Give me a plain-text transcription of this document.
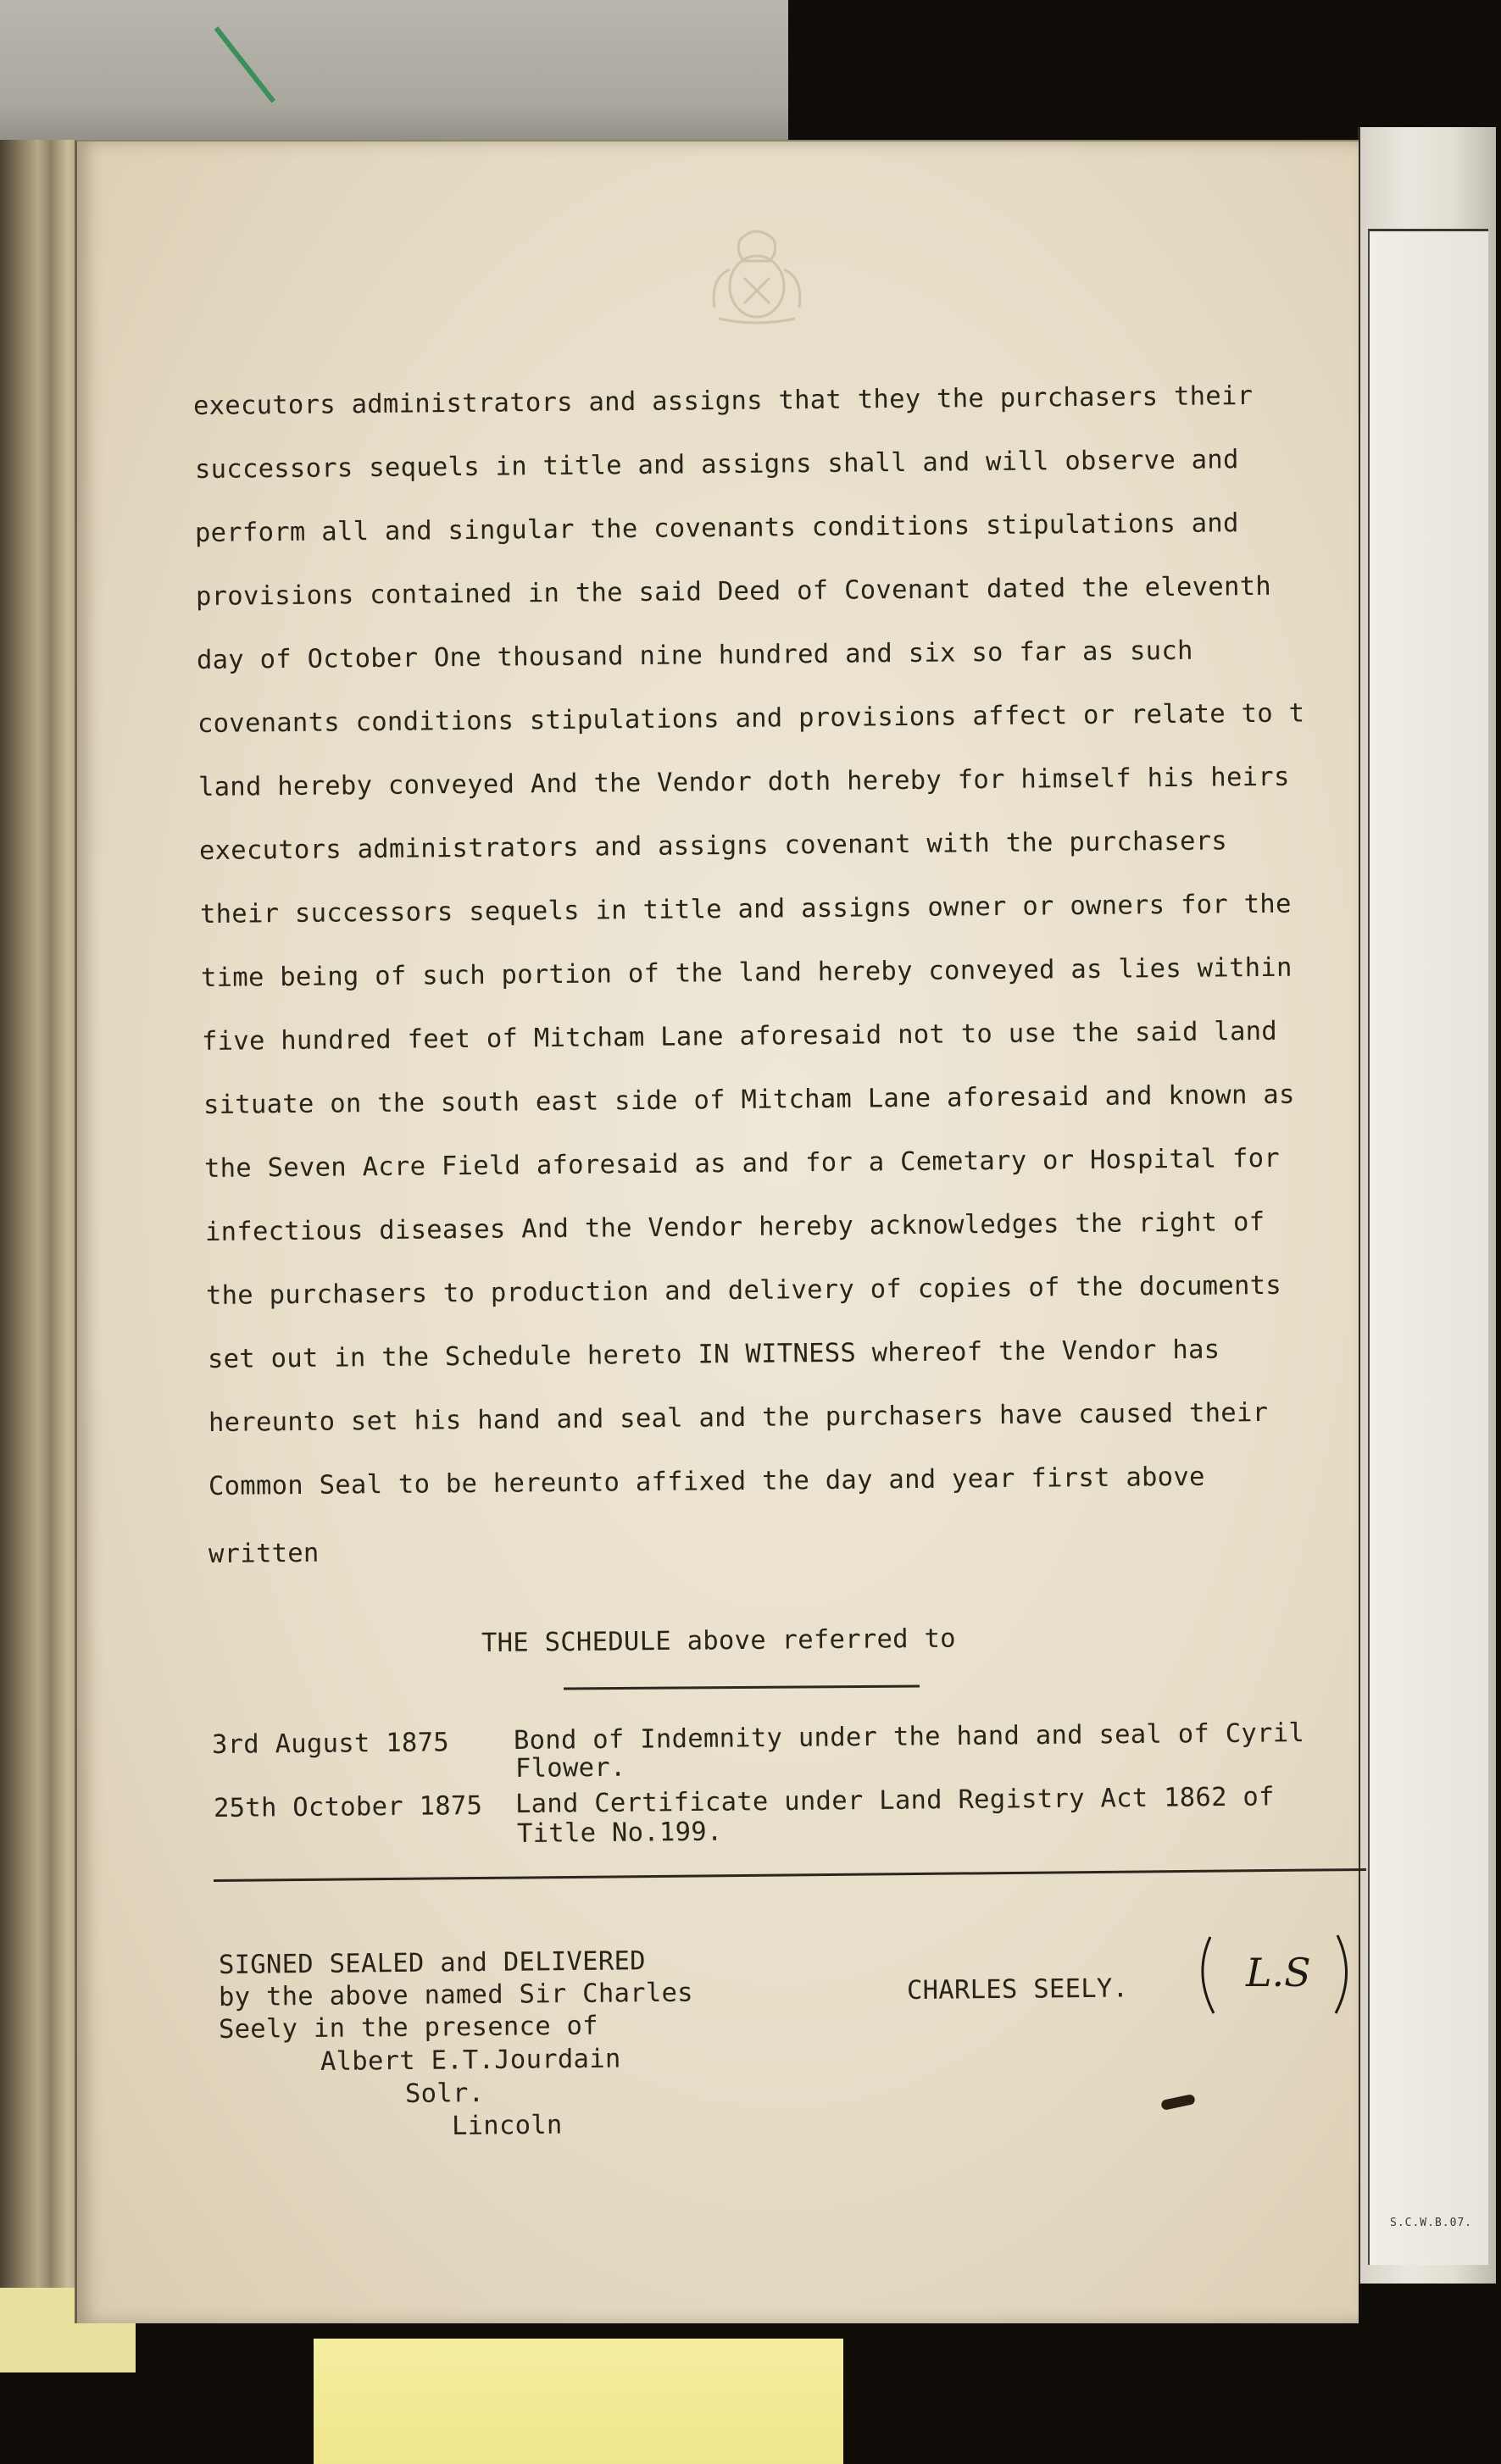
S.C.W.B.07.
executors administrators and assigns that they the purchasers their
successors sequels in title and assigns shall and will observe and
perform all and singular the covenants conditions stipulations and
provisions contained in the said Deed of Covenant dated the eleventh
day of October One thousand nine hundred and six so far as such
covenants conditions stipulations and provisions affect or relate to t
land hereby conveyed And the Vendor doth hereby for himself his heirs
executors administrators and assigns covenant with the purchasers
their successors sequels in title and assigns owner or owners for the
time being of such portion of the land hereby conveyed as lies within
five hundred feet of Mitcham Lane aforesaid not to use the said land
situate on the south east side of Mitcham Lane aforesaid and known as
the Seven Acre Field aforesaid as and for a Cemetary or Hospital for
infectious diseases And the Vendor hereby acknowledges the right of
the purchasers to production and delivery of copies of the documents
set out in the Schedule hereto IN WITNESS whereof the Vendor has
hereunto set his hand and seal and the purchasers have caused their
Common Seal to be hereunto affixed the day and year first above
written
THE SCHEDULE above referred to
3rd August 1875 Bond of Indemnity under the hand and seal of Cyril
Flower.
25th October 1875 Land Certificate under Land Registry Act 1862 of
Title No.199.
SIGNED SEALED and DELIVERED
by the above named Sir Charles
Seely in the presence of
Albert E.T.Jourdain
Solr.
Lincoln
CHARLES SEELY.	L.S
